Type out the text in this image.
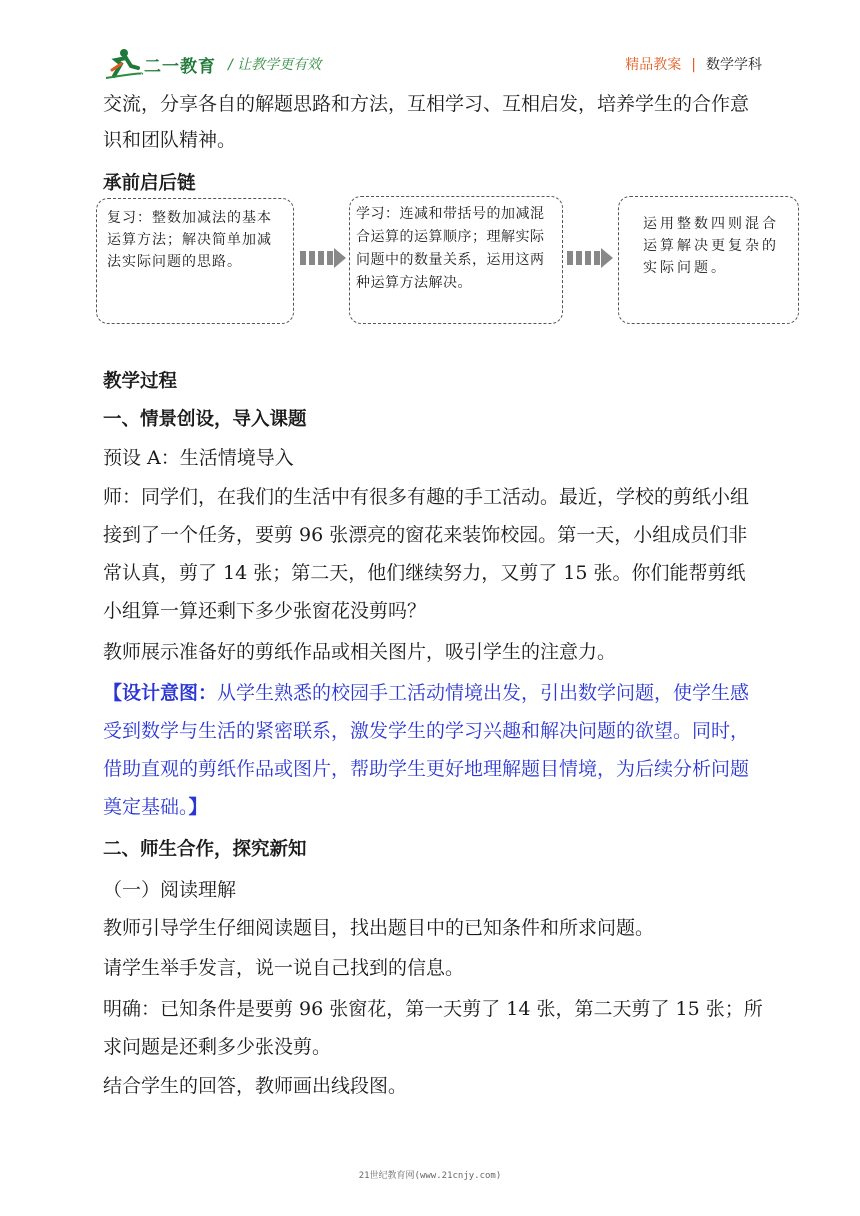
二一教育 / 让教学更有效	精品教案 | 数学学科
交流，分享各自的解题思路和方法，互相学习、互相启发，培养学生的合作意识和团队精神。
承前启后链
复习：整数加减法的基本运算方法；解决简单加减法实际问题的思路。
学习：连减和带括号的加减混合运算的运算顺序；理解实际问题中的数量关系，运用这两种运算方法解决。
运用整数四则混合运算解决更复杂的实际问题。
教学过程
一、情景创设，导入课题
预设 A：生活情境导入
师：同学们，在我们的生活中有很多有趣的手工活动。最近，学校的剪纸小组接到了一个任务，要剪 96 张漂亮的窗花来装饰校园。第一天，小组成员们非常认真，剪了 14 张；第二天，他们继续努力，又剪了 15 张。你们能帮剪纸小组算一算还剩下多少张窗花没剪吗？
教师展示准备好的剪纸作品或相关图片，吸引学生的注意力。
【设计意图：从学生熟悉的校园手工活动情境出发，引出数学问题，使学生感受到数学与生活的紧密联系，激发学生的学习兴趣和解决问题的欲望。同时，借助直观的剪纸作品或图片，帮助学生更好地理解题目情境，为后续分析问题奠定基础。】
二、师生合作，探究新知
（一）阅读理解
教师引导学生仔细阅读题目，找出题目中的已知条件和所求问题。
请学生举手发言，说一说自己找到的信息。
明确：已知条件是要剪 96 张窗花，第一天剪了 14 张，第二天剪了 15 张；所求问题是还剩多少张没剪。
结合学生的回答，教师画出线段图。
21世纪教育网(www.21cnjy.com)
